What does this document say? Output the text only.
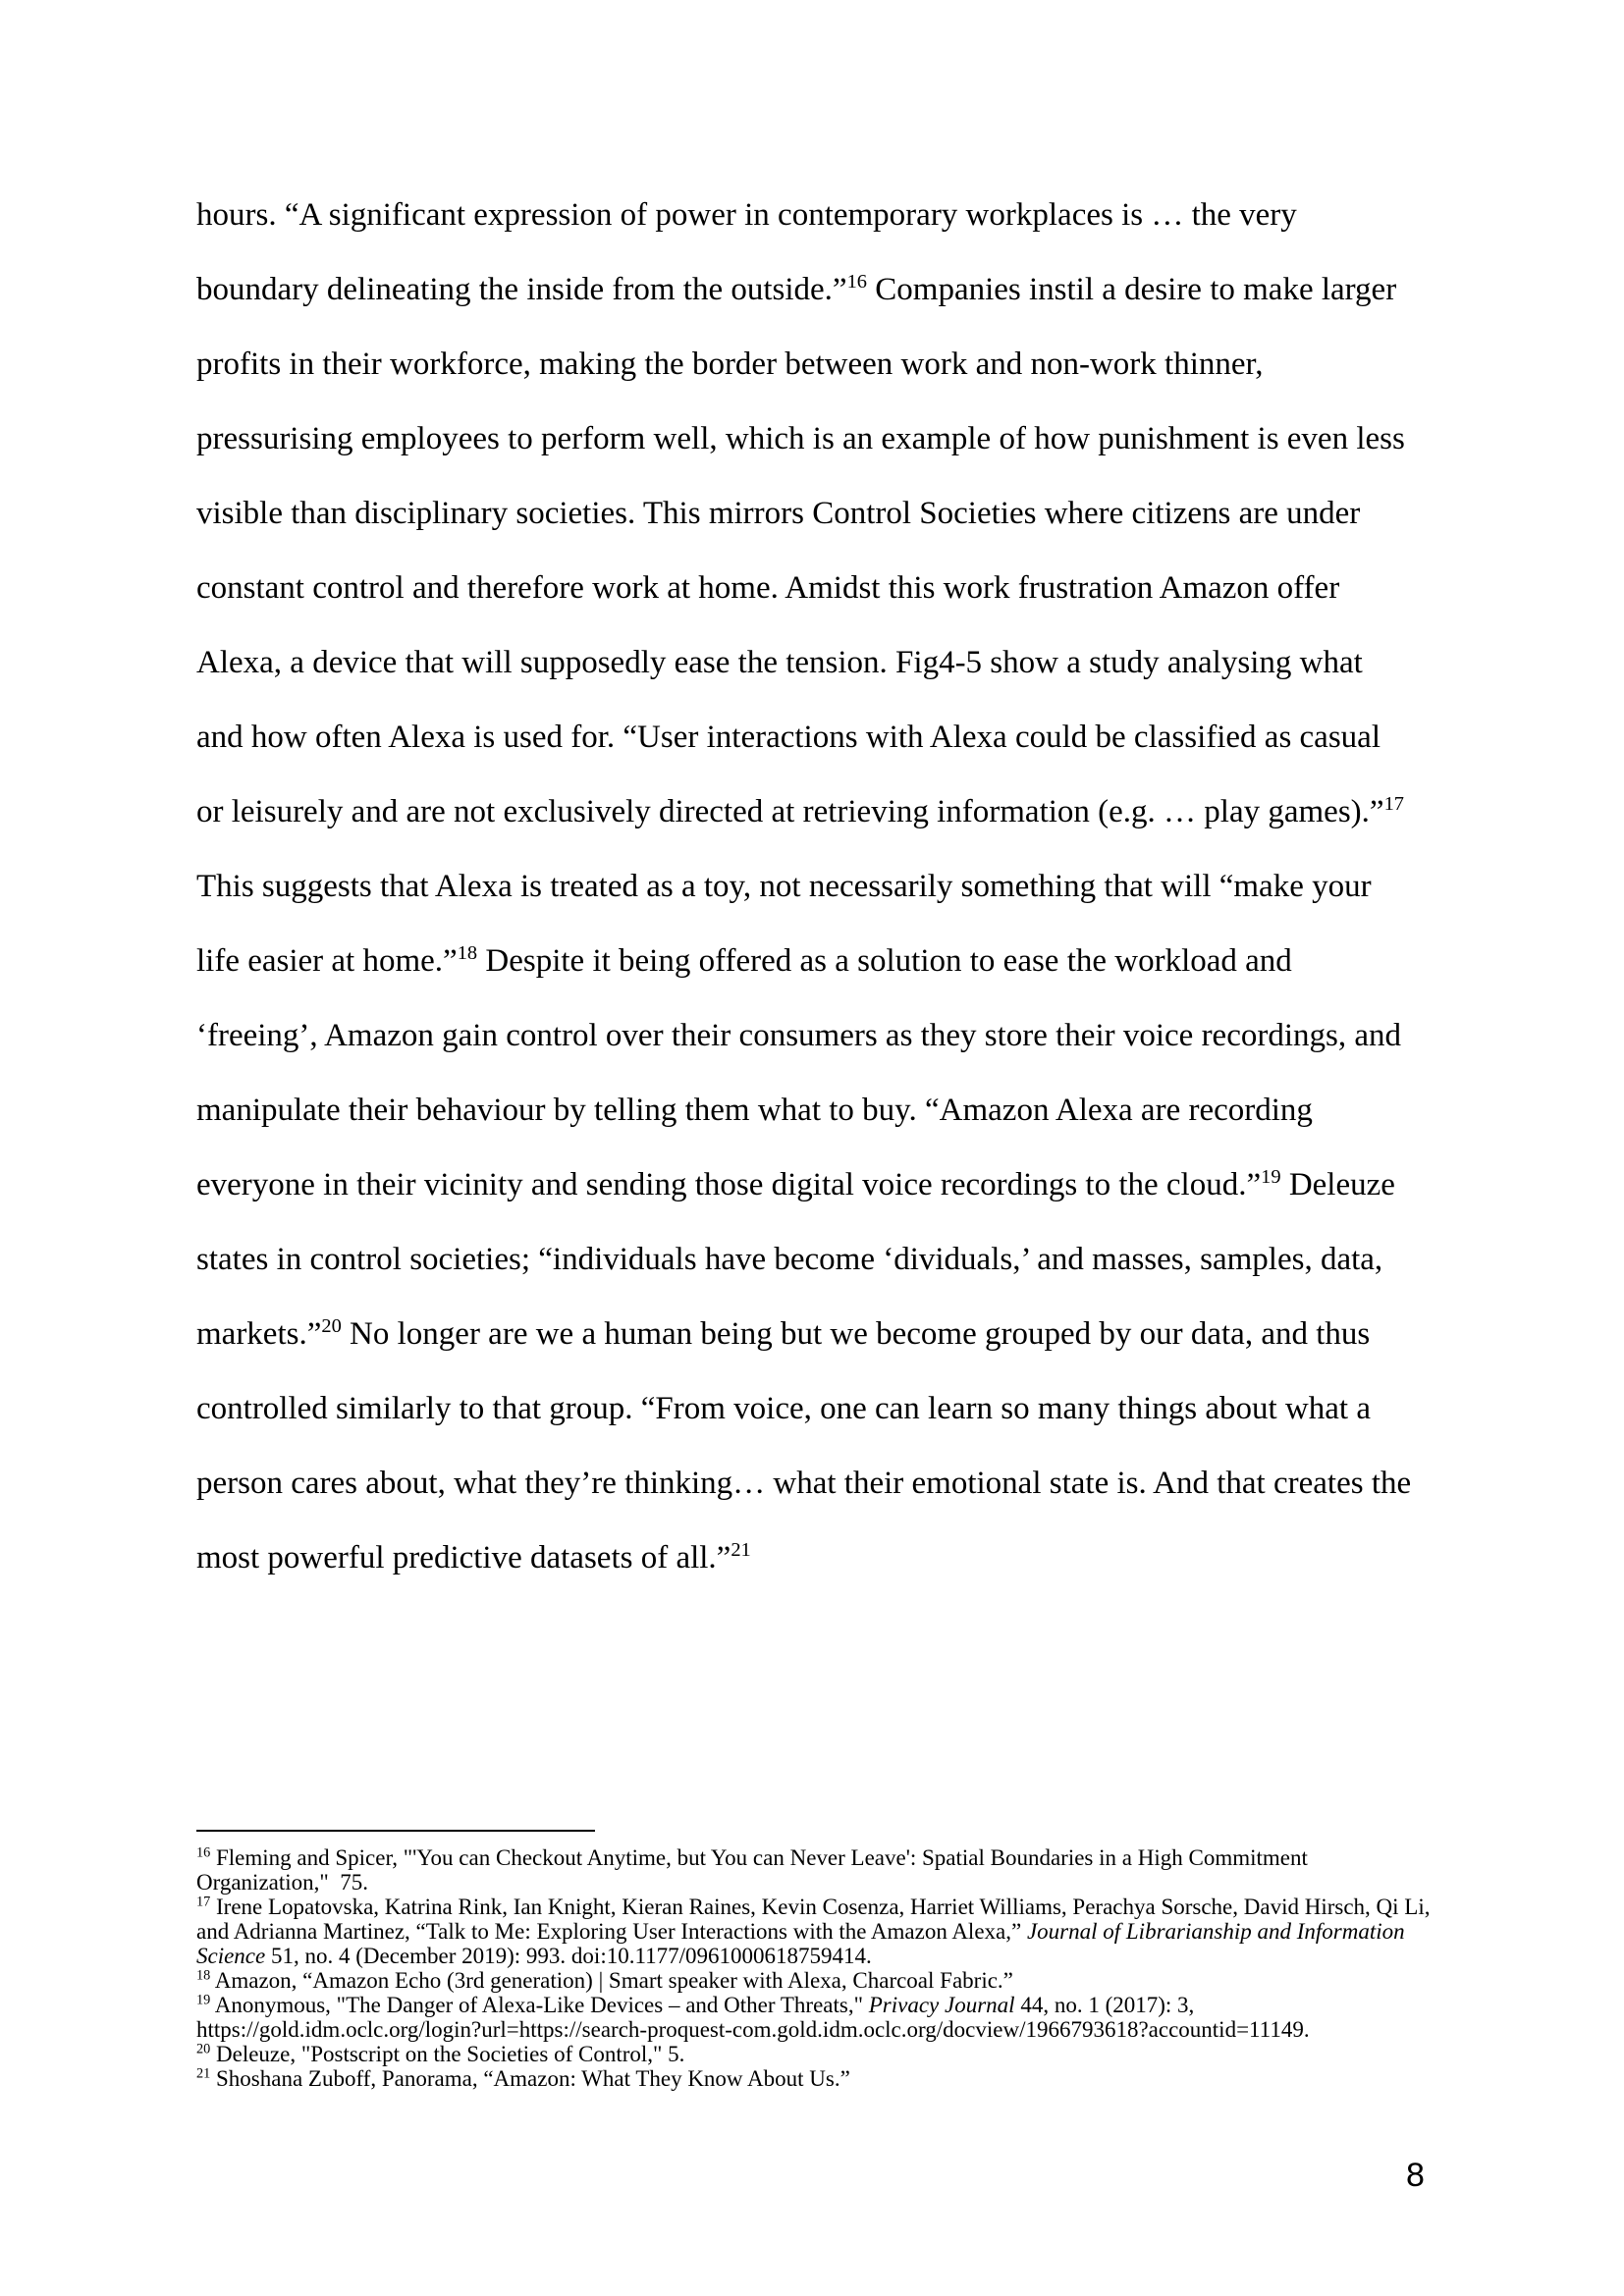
hours. “A significant expression of power in contemporary workplaces is … the very
boundary delineating the inside from the outside.”$^{16}$ Companies instil a desire to make larger
profits in their workforce, making the border between work and non-work thinner,
pressurising employees to perform well, which is an example of how punishment is even less
visible than disciplinary societies. This mirrors Control Societies where citizens are under
constant control and therefore work at home. Amidst this work frustration Amazon offer
Alexa, a device that will supposedly ease the tension. Fig4-5 show a study analysing what
and how often Alexa is used for. “User interactions with Alexa could be classified as casual
or leisurely and are not exclusively directed at retrieving information (e.g. … play games).”$^{17}$
This suggests that Alexa is treated as a toy, not necessarily something that will “make your
life easier at home.”$^{18}$ Despite it being offered as a solution to ease the workload and
‘freeing’, Amazon gain control over their consumers as they store their voice recordings, and
manipulate their behaviour by telling them what to buy. “Amazon Alexa are recording
everyone in their vicinity and sending those digital voice recordings to the cloud.”$^{19}$ Deleuze
states in control societies; “individuals have become ‘dividuals,’ and masses, samples, data,
markets.”$^{20}$ No longer are we a human being but we become grouped by our data, and thus
controlled similarly to that group. “From voice, one can learn so many things about what a
person cares about, what they’re thinking… what their emotional state is. And that creates the
most powerful predictive datasets of all.”$^{21}$
$^{16}$ Fleming and Spicer, "'You can Checkout Anytime, but You can Never Leave': Spatial Boundaries in a High Commitment
Organization,"  75.
$^{17}$ Irene Lopatovska, Katrina Rink, Ian Knight, Kieran Raines, Kevin Cosenza, Harriet Williams, Perachya Sorsche, David Hirsch, Qi Li,
and Adrianna Martinez, “Talk to Me: Exploring User Interactions with the Amazon Alexa,” Journal of Librarianship and Information
Science 51, no. 4 (December 2019): 993. doi:10.1177/0961000618759414.
$^{18}$ Amazon, “Amazon Echo (3rd generation) | Smart speaker with Alexa, Charcoal Fabric.”
$^{19}$ Anonymous, "The Danger of Alexa-Like Devices – and Other Threats," Privacy Journal 44, no. 1 (2017): 3,
https://gold.idm.oclc.org/login?url=https://search-proquest-com.gold.idm.oclc.org/docview/1966793618?accountid=11149.
$^{20}$ Deleuze, "Postscript on the Societies of Control," 5.
$^{21}$ Shoshana Zuboff, Panorama, “Amazon: What They Know About Us.”
8
